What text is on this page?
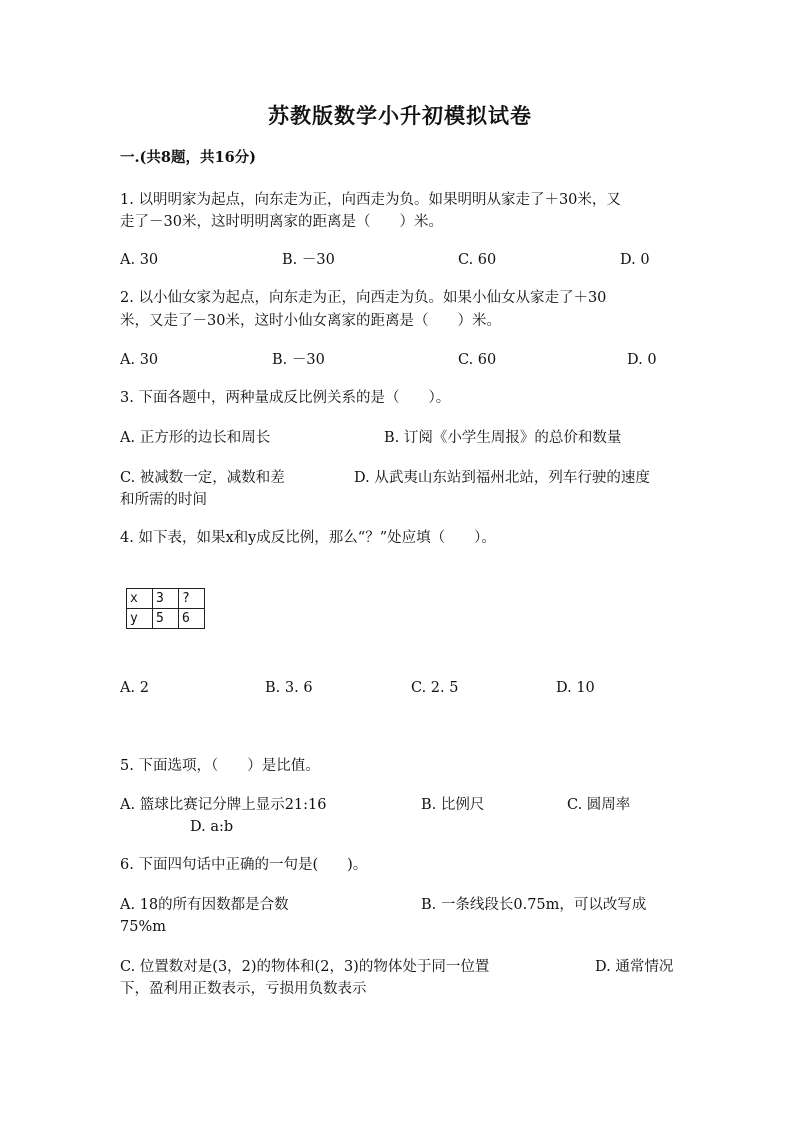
苏教版数学小升初模拟试卷
一.(共8题，共16分)
1. 以明明家为起点，向东走为正，向西走为负。如果明明从家走了＋30米，又
走了－30米，这时明明离家的距离是（　　）米。
A. 30	B. －30	C. 60	D. 0
2. 以小仙女家为起点，向东走为正，向西走为负。如果小仙女从家走了＋30
米，又走了－30米，这时小仙女离家的距离是（　　）米。
A. 30	B. －30	C. 60	D. 0
3. 下面各题中，两种量成反比例关系的是（　　）。
A. 正方形的边长和周长	B. 订阅《小学生周报》的总价和数量
C. 被减数一定，减数和差	D. 从武夷山东站到福州北站，列车行驶的速度
和所需的时间
4. 如下表，如果x和y成反比例，那么“？”处应填（　　）。
x	3	?
y	5	6
A. 2	B. 3. 6	C. 2. 5	D. 10
5. 下面选项，（　　）是比值。
A. 篮球比赛记分牌上显示21:16	B. 比例尺	C. 圆周率
D. a:b
6. 下面四句话中正确的一句是(　　)。
A. 18的所有因数都是合数	B. 一条线段长0.75m，可以改写成
75%m
C. 位置数对是(3，2)的物体和(2，3)的物体处于同一位置	D. 通常情况
下，盈利用正数表示，亏损用负数表示
